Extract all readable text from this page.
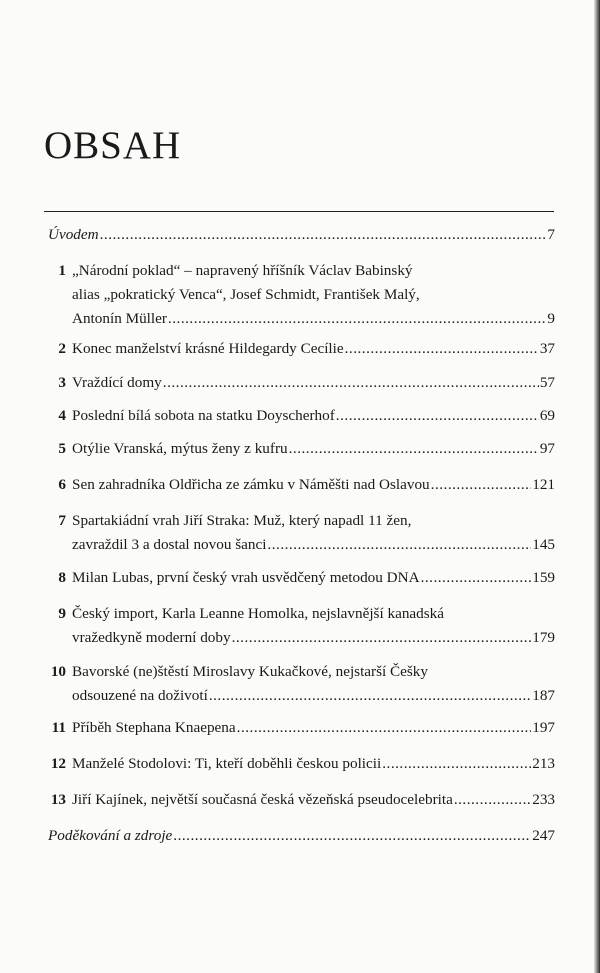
OBSAH
Úvodem .....	7
1 „Národní poklad“ – napravený hříšník Václav Babinský
alias „pokratický Venca“, Josef Schmidt, František Malý,
Antonín Müller .....	9
2 Konec manželství krásné Hildegardy Cecílie .....	37
3 Vraždící domy .....	57
4 Poslední bílá sobota na statku Doyscherhof .....	69
5 Otýlie Vranská, mýtus ženy z kufru .....	97
6 Sen zahradníka Oldřicha ze zámku v Náměšti nad Oslavou .....	121
7 Spartakiádní vrah Jiří Straka: Muž, který napadl 11 žen,
zavraždil 3 a dostal novou šanci .....	145
8 Milan Lubas, první český vrah usvědčený metodou DNA .....	159
9 Český import, Karla Leanne Homolka, nejslavnější kanadská
vražedkyně moderní doby .....	179
10 Bavorské (ne)štěstí Miroslavy Kukačkové, nejstarší Češky
odsouzené na doživotí .....	187
11 Příběh Stephana Knaepena .....	197
12 Manželé Stodolovi: Ti, kteří doběhli českou policii .....	213
13 Jiří Kajínek, největší současná česká vězeňská pseudocelebrita .....	233
Poděkování a zdroje .....	247
